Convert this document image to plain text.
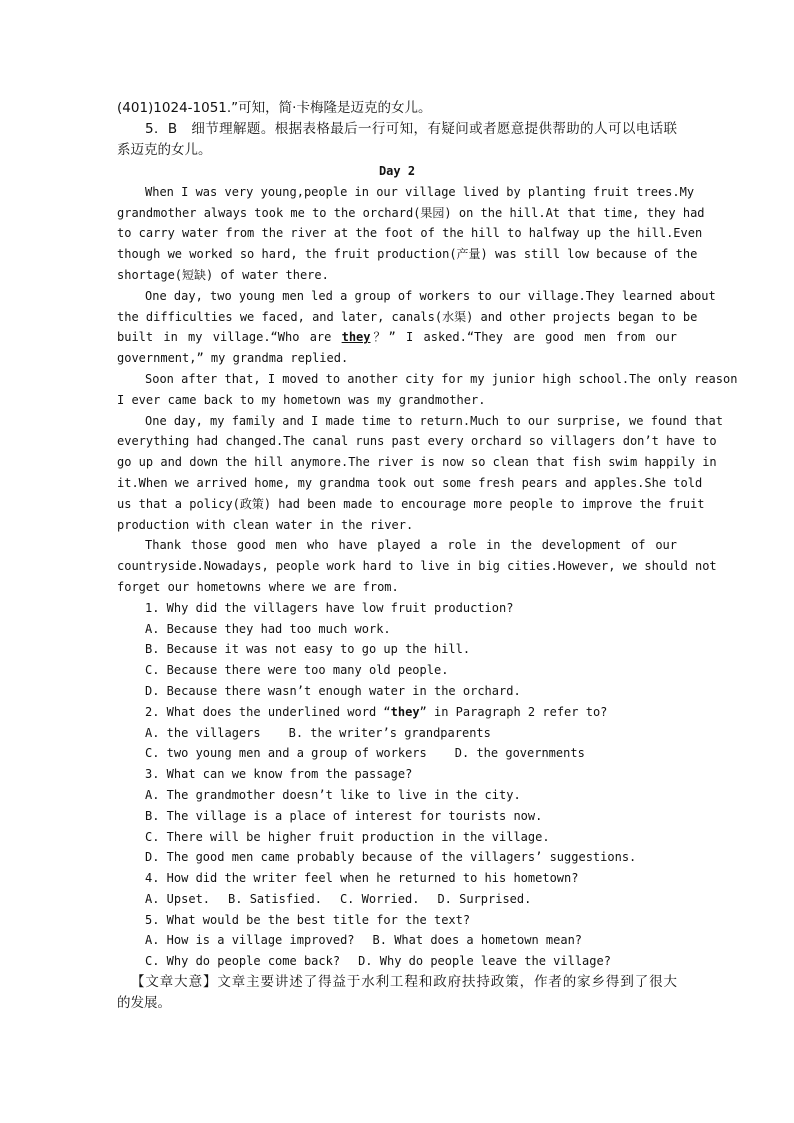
(401)1024-1051.”可知，简·卡梅隆是迈克的女儿。
5．B　细节理解题。根据表格最后一行可知，有疑问或者愿意提供帮助的人可以电话联
系迈克的女儿。
Day 2
When I was very young,people in our village lived by planting fruit trees.My
grandmother always took me to the orchard(果园) on the hill.At that time, they had
to carry water from the river at the foot of the hill to halfway up the hill.Even
though we worked so hard, the fruit production(产量) was still low because of the
shortage(短缺) of water there.
One day, two young men led a group of workers to our village.They learned about
the difficulties we faced, and later, canals(水渠) and other projects began to be
built in my village.“Who are they？” I asked.“They are good men from our
government,” my grandma replied.
Soon after that, I moved to another city for my junior high school.The only reason
I ever came back to my hometown was my grandmother.
One day, my family and I made time to return.Much to our surprise, we found that
everything had changed.The canal runs past every orchard so villagers don’t have to
go up and down the hill anymore.The river is now so clean that fish swim happily in
it.When we arrived home, my grandma took out some fresh pears and apples.She told
us that a policy(政策) had been made to encourage more people to improve the fruit
production with clean water in the river.
Thank those good men who have played a role in the development of our
countryside.Nowadays, people work hard to live in big cities.However, we should not
forget our hometowns where we are from.
1. Why did the villagers have low fruit production?
A. Because they had too much work.
B. Because it was not easy to go up the hill.
C. Because there were too many old people.
D. Because there wasn’t enough water in the orchard.
2. What does the underlined word “they” in Paragraph 2 refer to?
A. the villagers B. the writer’s grandparents
C. two young men and a group of workers D. the governments
3. What can we know from the passage?
A. The grandmother doesn’t like to live in the city.
B. The village is a place of interest for tourists now.
C. There will be higher fruit production in the village.
D. The good men came probably because of the villagers’ suggestions.
4. How did the writer feel when he returned to his hometown?
A. Upset. B. Satisfied. C. Worried. D. Surprised.
5. What would be the best title for the text?
A. How is a village improved? B. What does a hometown mean?
C. Why do people come back? D. Why do people leave the village?
【文章大意】文章主要讲述了得益于水利工程和政府扶持政策，作者的家乡得到了很大
的发展。
